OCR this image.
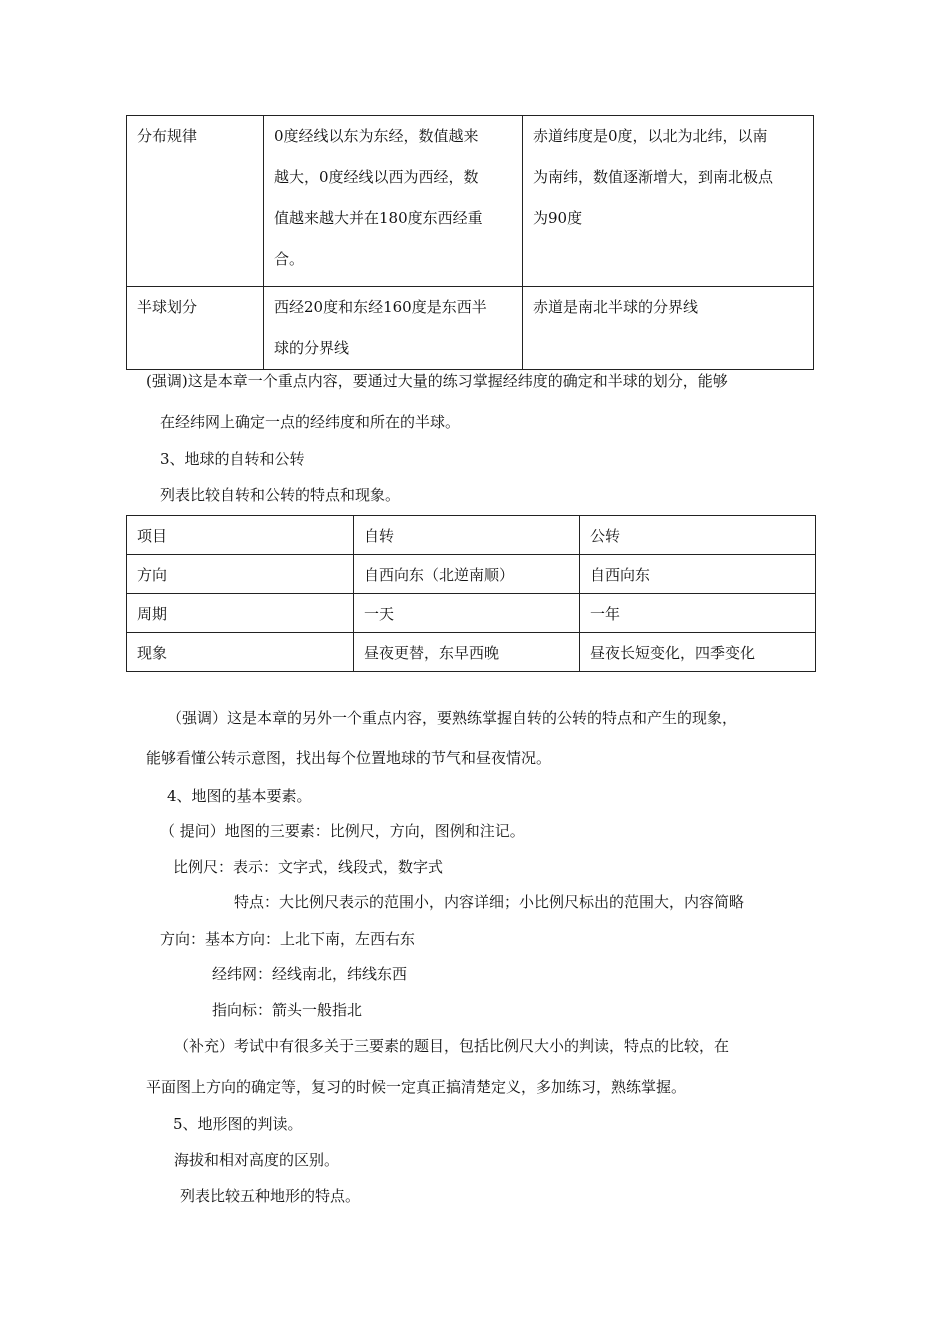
分布规律	0度经线以东为东经，数值越来
越大，0度经线以西为西经，数
值越来越大并在180度东西经重
合。	赤道纬度是0度，以北为北纬，以南
为南纬，数值逐渐增大，到南北极点
为90度

半球划分	西经20度和东经160度是东西半
球的分界线	赤道是南北半球的分界线
(强调)这是本章一个重点内容，要通过大量的练习掌握经纬度的确定和半球的划分，能够
在经纬网上确定一点的经纬度和所在的半球。
3、地球的自转和公转
列表比较自转和公转的特点和现象。
项目	自转	公转
方向	自西向东（北逆南顺）	自西向东
周期	一天	一年
现象	昼夜更替，东早西晚	昼夜长短变化，四季变化
（强调）这是本章的另外一个重点内容，要熟练掌握自转的公转的特点和产生的现象，
能够看懂公转示意图，找出每个位置地球的节气和昼夜情况。
4、地图的基本要素。
（ 提问）地图的三要素：比例尺，方向，图例和注记。
比例尺：表示：文字式，线段式，数字式
特点：大比例尺表示的范围小，内容详细；小比例尺标出的范围大，内容简略
方向：基本方向：上北下南，左西右东
经纬网：经线南北，纬线东西
指向标：箭头一般指北
（补充）考试中有很多关于三要素的题目，包括比例尺大小的判读，特点的比较，在
平面图上方向的确定等，复习的时候一定真正搞清楚定义，多加练习，熟练掌握。
5、地形图的判读。
海拔和相对高度的区别。
列表比较五种地形的特点。
